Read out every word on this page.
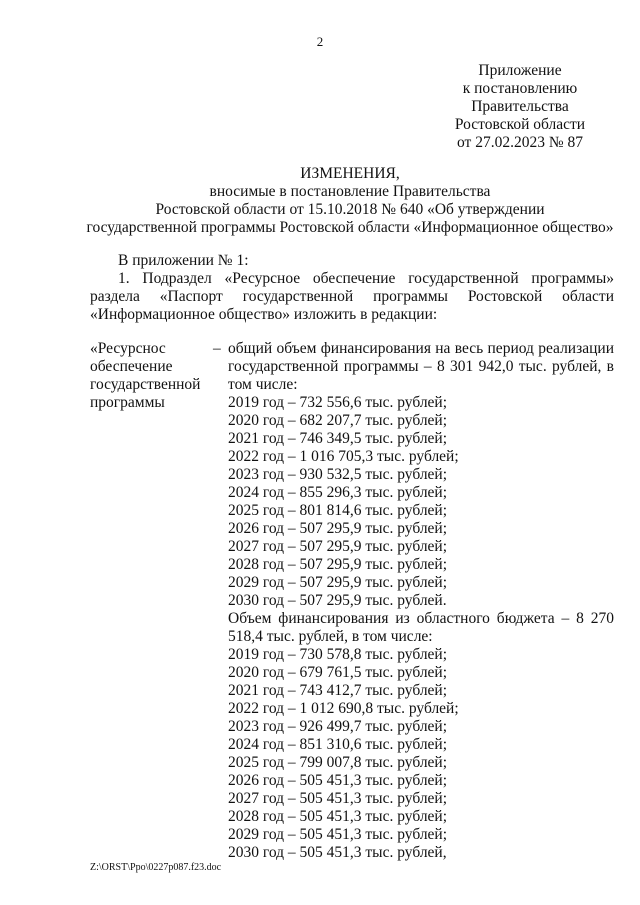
2
Приложение
к постановлению
Правительства
Ростовской области
от 27.02.2023 № 87
ИЗМЕНЕНИЯ,
вносимые в постановление Правительства
Ростовской области от 15.10.2018 № 640 «Об утверждении
государственной программы Ростовской области «Информационное общество»
В приложении № 1:
1. Подраздел «Ресурсное обеспечение государственной программы» раздела «Паспорт государственной программы Ростовской области «Информационное общество» изложить в редакции:
«Ресурснос
обеспечение
государственной
программы
– общий объем финансирования на весь период реализации государственной программы – 8 301 942,0 тыс. рублей, в том числе:
2019 год – 732 556,6 тыс. рублей;
2020 год – 682 207,7 тыс. рублей;
2021 год – 746 349,5 тыс. рублей;
2022 год – 1 016 705,3 тыс. рублей;
2023 год – 930 532,5 тыс. рублей;
2024 год – 855 296,3 тыс. рублей;
2025 год – 801 814,6 тыс. рублей;
2026 год – 507 295,9 тыс. рублей;
2027 год – 507 295,9 тыс. рублей;
2028 год – 507 295,9 тыс. рублей;
2029 год – 507 295,9 тыс. рублей;
2030 год – 507 295,9 тыс. рублей.
Объем финансирования из областного бюджета – 8 270 518,4 тыс. рублей, в том числе:
2019 год – 730 578,8 тыс. рублей;
2020 год – 679 761,5 тыс. рублей;
2021 год – 743 412,7 тыс. рублей;
2022 год – 1 012 690,8 тыс. рублей;
2023 год – 926 499,7 тыс. рублей;
2024 год – 851 310,6 тыс. рублей;
2025 год – 799 007,8 тыс. рублей;
2026 год – 505 451,3 тыс. рублей;
2027 год – 505 451,3 тыс. рублей;
2028 год – 505 451,3 тыс. рублей;
2029 год – 505 451,3 тыс. рублей;
2030 год – 505 451,3 тыс. рублей,
Z:\ORST\Ppo\0227p087.f23.doc
